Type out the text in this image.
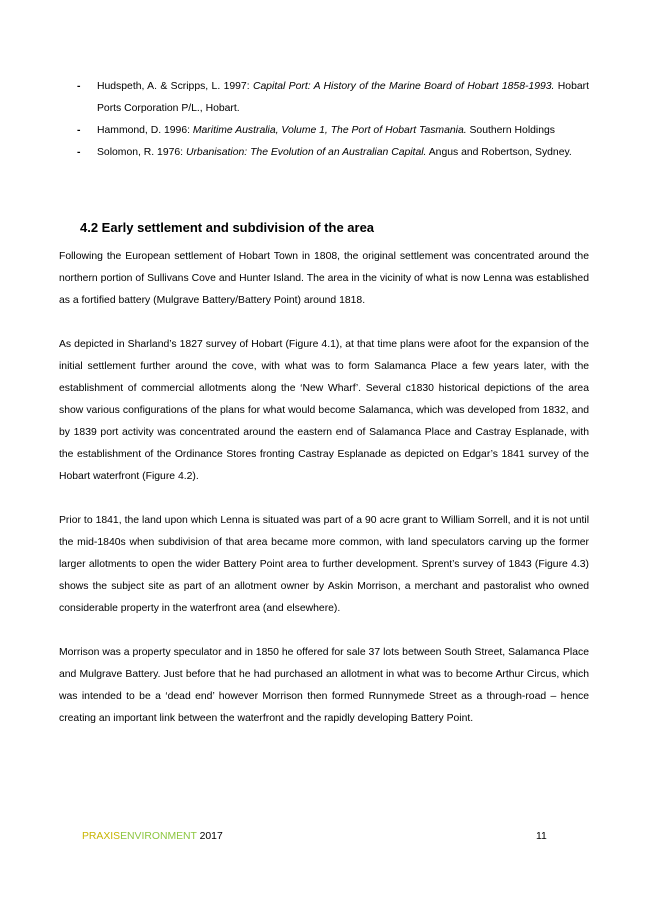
- Hudspeth, A. & Scripps, L. 1997: Capital Port: A History of the Marine Board of Hobart 1858-1993. Hobart Ports Corporation P/L., Hobart.
- Hammond, D. 1996: Maritime Australia, Volume 1, The Port of Hobart Tasmania. Southern Holdings
- Solomon, R. 1976: Urbanisation: The Evolution of an Australian Capital. Angus and Robertson, Sydney.
4.2 Early settlement and subdivision of the area

Following the European settlement of Hobart Town in 1808, the original settlement was concentrated around the northern portion of Sullivans Cove and Hunter Island. The area in the vicinity of what is now Lenna was established as a fortified battery (Mulgrave Battery/Battery Point) around 1818.

As depicted in Sharland’s 1827 survey of Hobart (Figure 4.1), at that time plans were afoot for the expansion of the initial settlement further around the cove, with what was to form Salamanca Place a few years later, with the establishment of commercial allotments along the ‘New Wharf’. Several c1830 historical depictions of the area show various configurations of the plans for what would become Salamanca, which was developed from 1832, and by 1839 port activity was concentrated around the eastern end of Salamanca Place and Castray Esplanade, with the establishment of the Ordinance Stores fronting Castray Esplanade as depicted on Edgar’s 1841 survey of the Hobart waterfront (Figure 4.2).

Prior to 1841, the land upon which Lenna is situated was part of a 90 acre grant to William Sorrell, and it is not until the mid-1840s when subdivision of that area became more common, with land speculators carving up the former larger allotments to open the wider Battery Point area to further development. Sprent’s survey of 1843 (Figure 4.3) shows the subject site as part of an allotment owner by Askin Morrison, a merchant and pastoralist who owned considerable property in the waterfront area (and elsewhere).

Morrison was a property speculator and in 1850 he offered for sale 37 lots between South Street, Salamanca Place and Mulgrave Battery. Just before that he had purchased an allotment in what was to become Arthur Circus, which was intended to be a ‘dead end’ however Morrison then formed Runnymede Street as a through-road – hence creating an important link between the waterfront and the rapidly developing Battery Point.

PRAXISENVIRONMENT 2017	11
